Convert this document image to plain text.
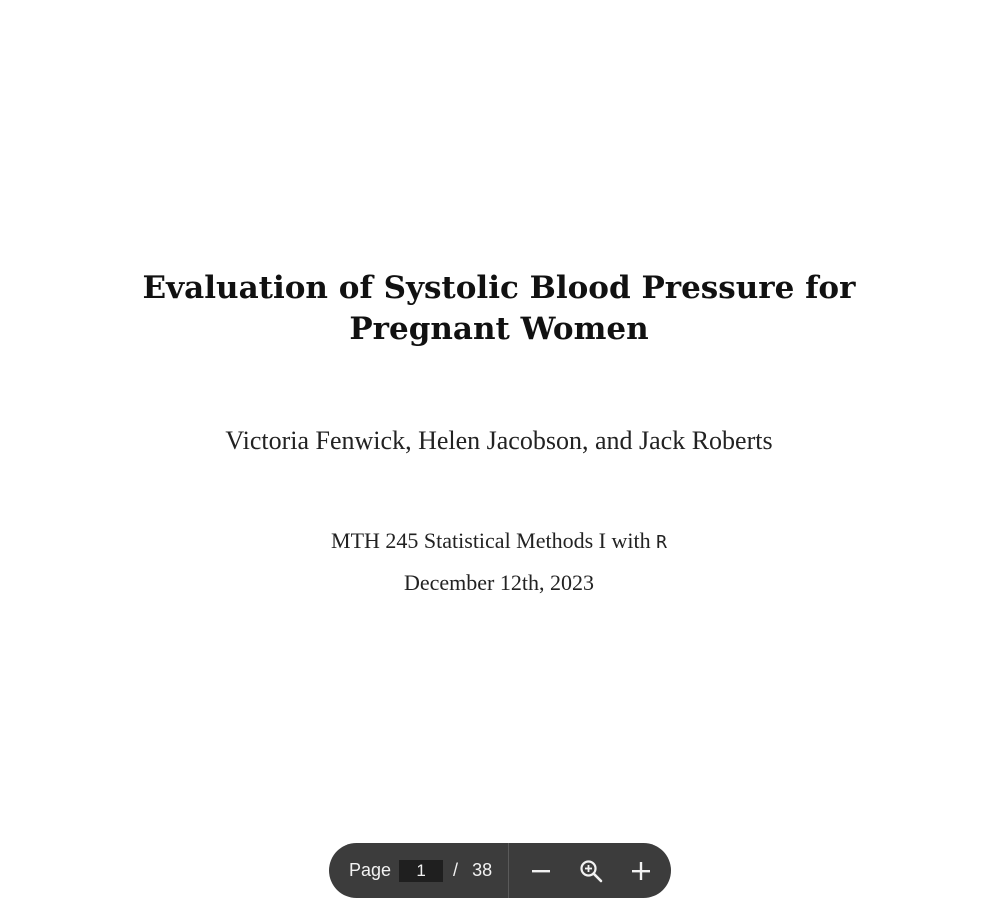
Evaluation of Systolic Blood Pressure for
Pregnant Women
Victoria Fenwick, Helen Jacobson, and Jack Roberts
MTH 245 Statistical Methods I with R
December 12th, 2023
Page
1	/ 38
